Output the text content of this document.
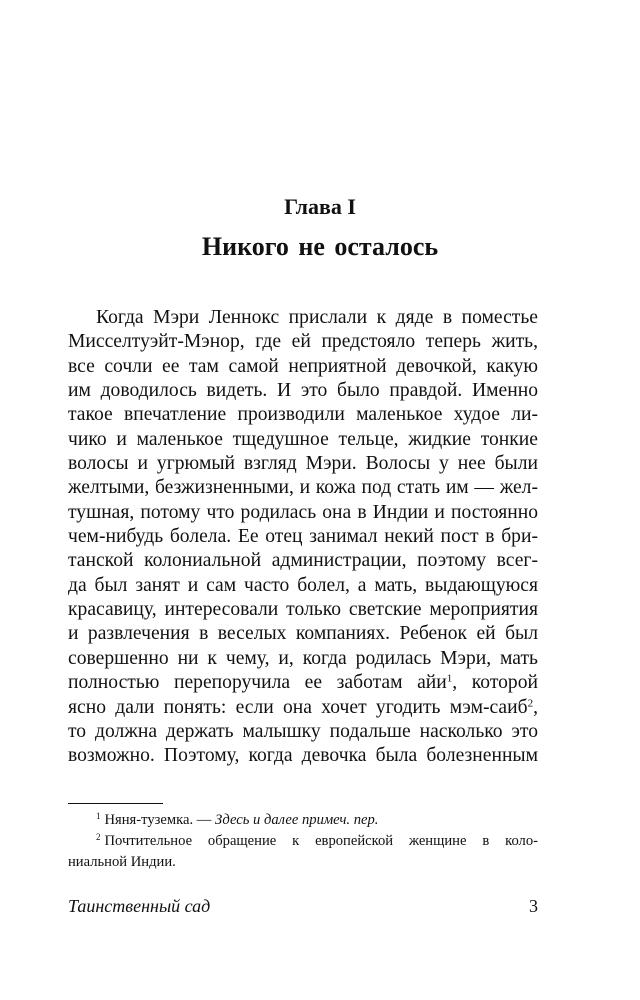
Глава I
Никого не осталось
Когда Мэри Леннокс прислали к дяде в поместье
Миссeлтуэйт-Мэнор, где ей предстояло теперь жить,
все сочли ее там самой неприятной девочкой, какую
им доводилось видеть. И это было правдой. Именно
такое впечатление производили маленькое худое ли-
чико и маленькое тщедушное тельце, жидкие тонкие
волосы и угрюмый взгляд Мэри. Волосы у нее были
желтыми, безжизненными, и кожа под стать им — жел-
тушная, потому что родилась она в Индии и постоянно
чем-нибудь болела. Ее отец занимал некий пост в бри-
танской колониальной администрации, поэтому всег-
да был занят и сам часто болел, а мать, выдающуюся
красавицу, интересовали только светские мероприятия
и развлечения в веселых компаниях. Ребенок ей был
совершенно ни к чему, и, когда родилась Мэри, мать
полностью перепоручила ее заботам айи$^1$, которой
ясно дали понять: если она хочет угодить мэм-саиб$^2$,
то должна держать малышку подальше насколько это
возможно. Поэтому, когда девочка была болезненным
$^1$ Няня-туземка. — Здесь и далее примеч. пер.
$^2$ Почтительное обращение к европейской женщине в коло-
ниальной Индии.
Таинственный сад	3
